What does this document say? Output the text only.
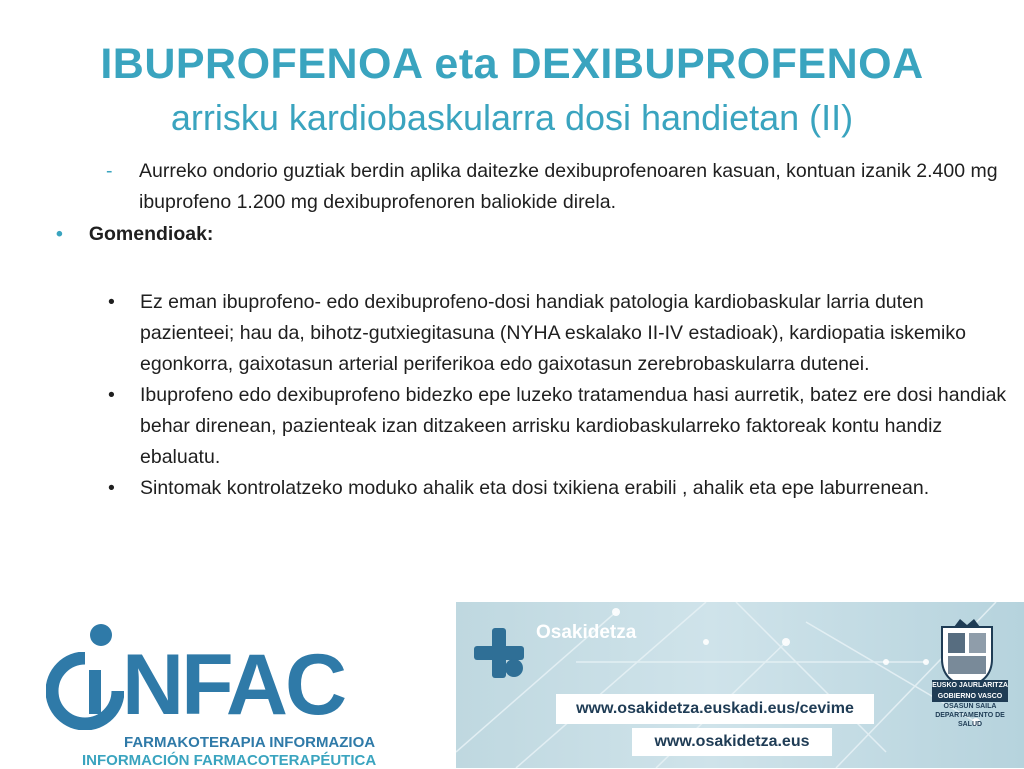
IBUPROFENOA eta DEXIBUPROFENOA
arrisku kardiobaskularra dosi handietan (II)
- Aurreko ondorio guztiak berdin aplika daitezke dexibuprofenoaren kasuan, kontuan izanik 2.400 mg ibuprofeno 1.200 mg dexibuprofenoren baliokide direla.
• Gomendioak:
• Ez eman ibuprofeno- edo dexibuprofeno-dosi handiak patologia kardiobaskular larria duten pazienteei; hau da, bihotz-gutxiegitasuna (NYHA eskalako II-IV estadioak), kardiopatia iskemiko egonkorra, gaixotasun arterial periferikoa edo gaixotasun zerebrobaskularra dutenei.
• Ibuprofeno edo dexibuprofeno bidezko epe luzeko tratamendua hasi aurretik, batez ere dosi handiak behar direnean, pazienteak izan ditzakeen arrisku kardiobaskularreko faktoreak kontu handiz ebaluatu.
• Sintomak kontrolatzeko moduko ahalik eta dosi txikiena erabili , ahalik eta epe laburrenean.
NFAC
FARMAKOTERAPIA INFORMAZIOA
INFORMACIÓN FARMACOTERAPÉUTICA
Osakidetza
EUSKO JAURLARITZA
GOBIERNO VASCO
OSASUN SAILA
DEPARTAMENTO DE SALUD
www.osakidetza.euskadi.eus/cevime
www.osakidetza.eus
